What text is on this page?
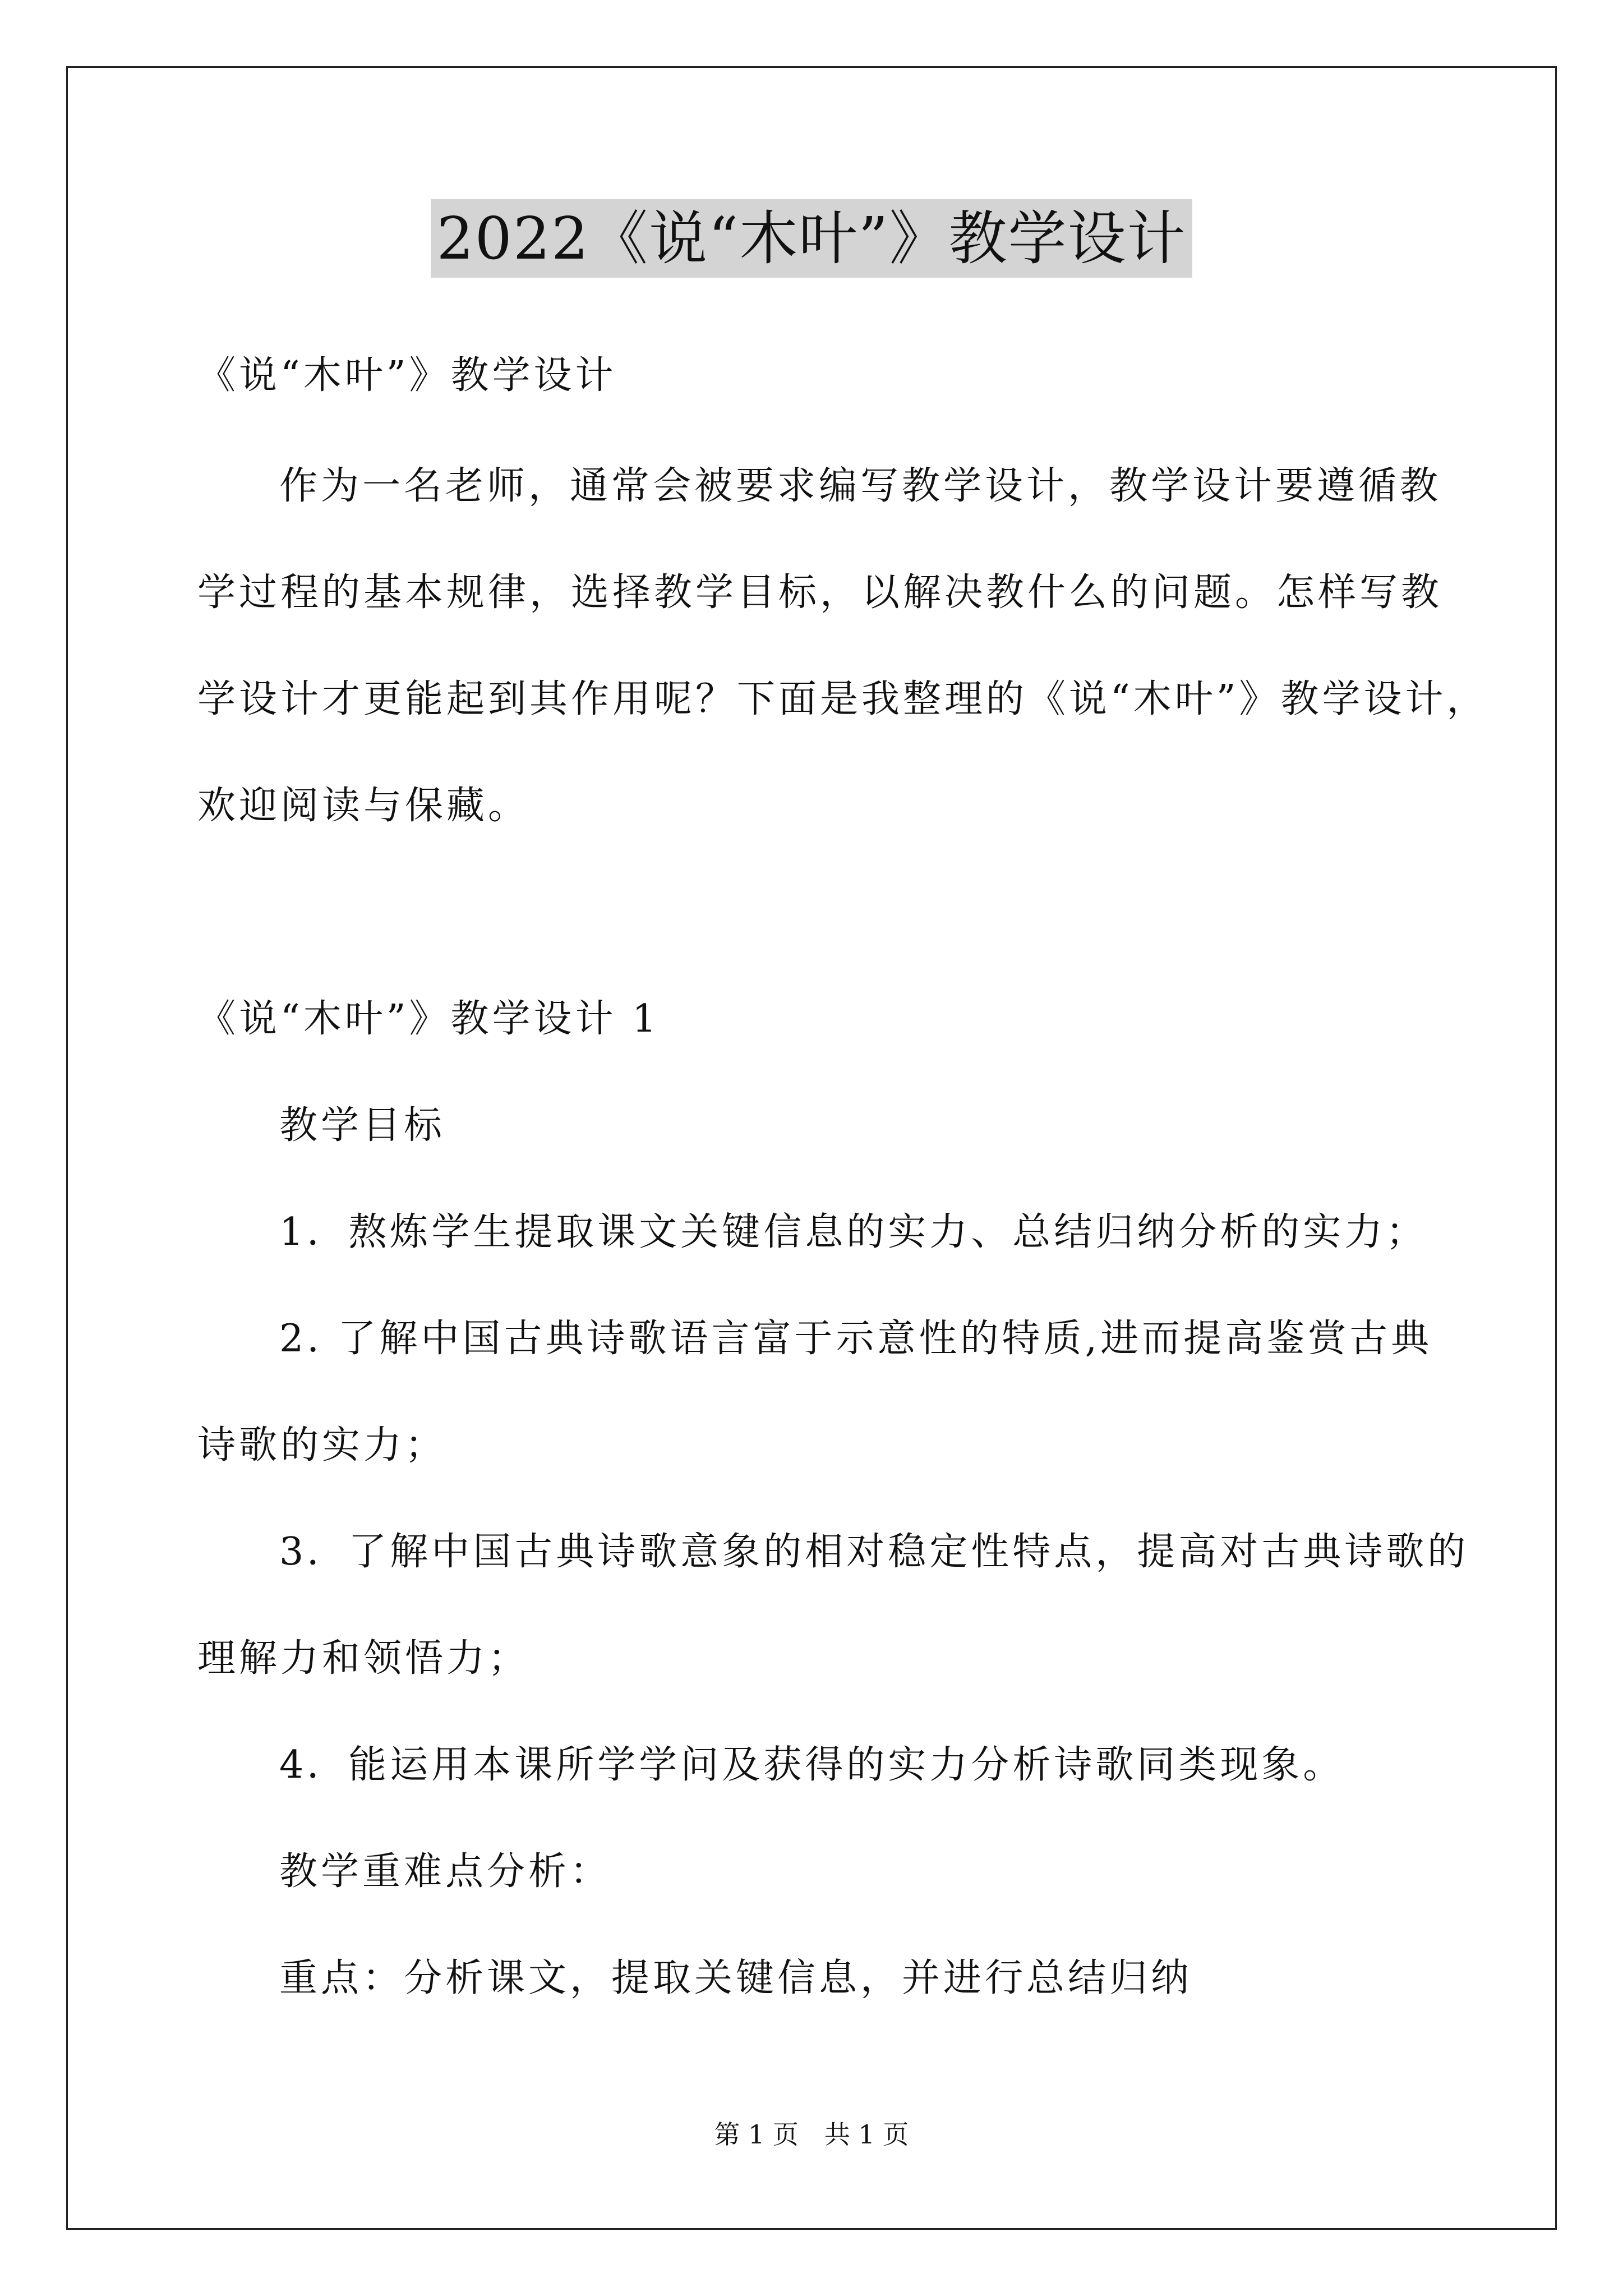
2022《说“木叶”》教学设计
《说“木叶”》教学设计
作为一名老师，通常会被要求编写教学设计，教学设计要遵循教
学过程的基本规律，选择教学目标，以解决教什么的问题。怎样写教
学设计才更能起到其作用呢？下面是我整理的《说“木叶”》教学设计，
欢迎阅读与保藏。
《说“木叶”》教学设计 1
教学目标
1．熬炼学生提取课文关键信息的实力、总结归纳分析的实力；
2. 了解中国古典诗歌语言富于示意性的特质,进而提高鉴赏古典
诗歌的实力；
3．了解中国古典诗歌意象的相对稳定性特点，提高对古典诗歌的
理解力和领悟力；
4．能运用本课所学学问及获得的实力分析诗歌同类现象。
教学重难点分析：
重点：分析课文，提取关键信息，并进行总结归纳
第 1 页　共 1 页
